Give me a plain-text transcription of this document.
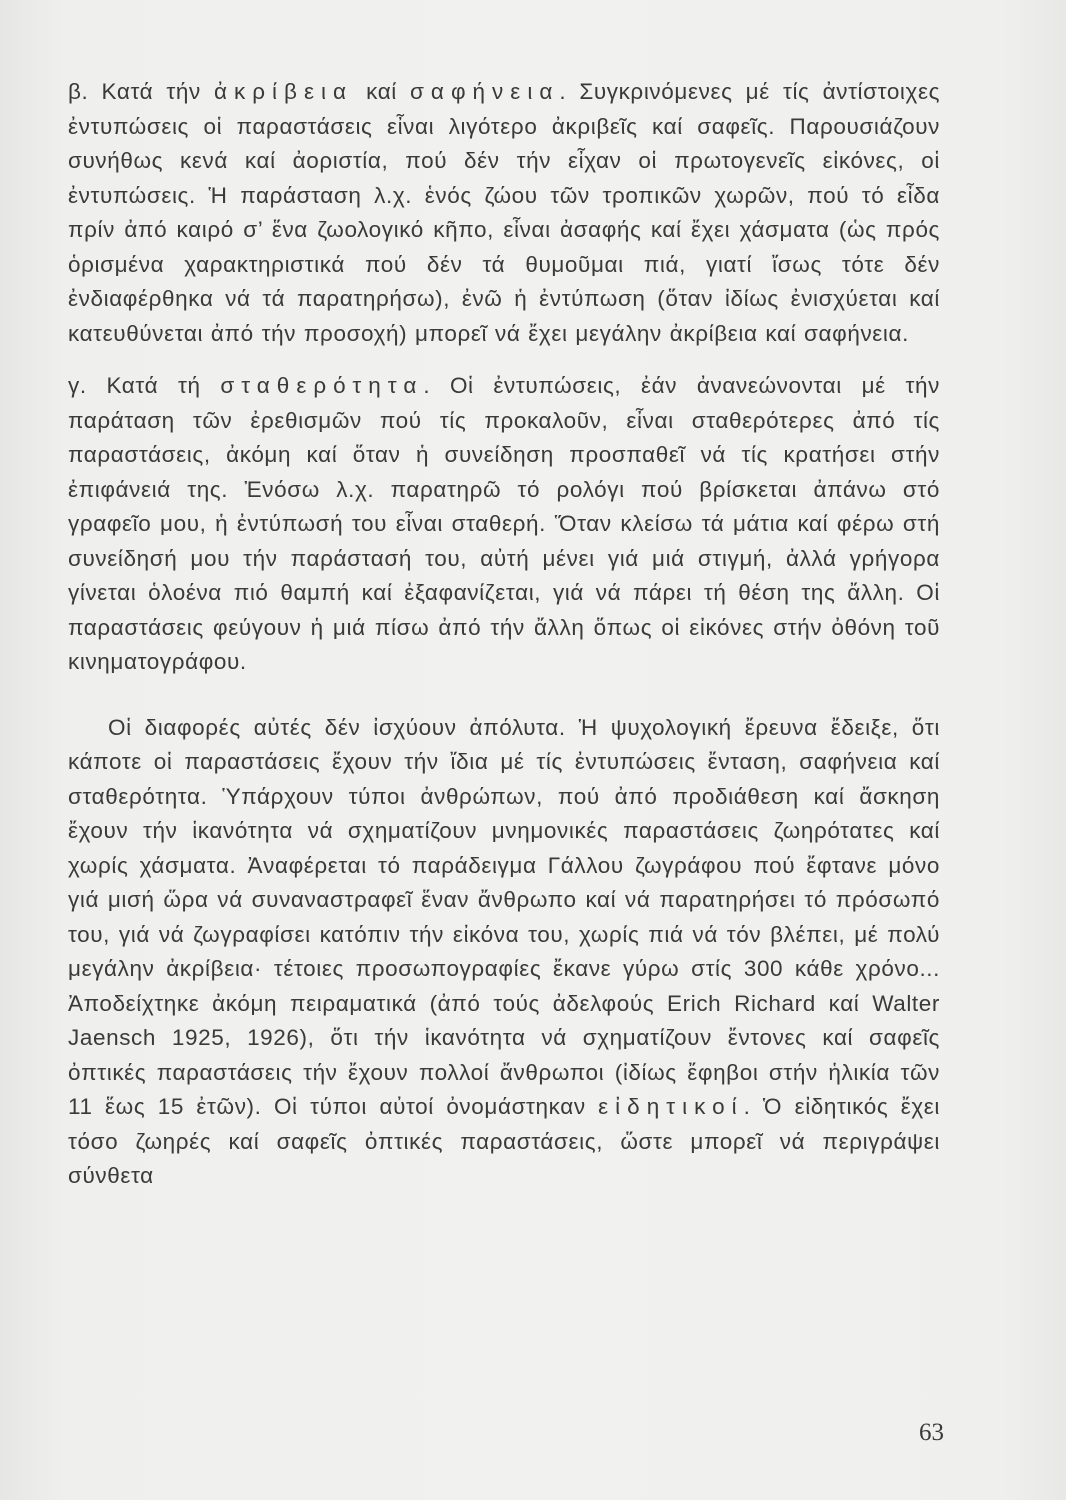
β. Κατά τήν ἀκρίβεια καί σαφήνεια. Συγκρινόμενες μέ τίς ἀντίστοιχες ἐντυπώσεις οἱ παραστάσεις εἶναι λιγότερο ἀκριβεῖς καί σαφεῖς. Παρουσιάζουν συνήθως κενά καί ἀοριστία, πού δέν τήν εἶχαν οἱ πρωτογενεῖς εἰκόνες, οἱ ἐντυπώσεις. Ἡ παράσταση λ.χ. ἑνός ζώου τῶν τροπικῶν χωρῶν, πού τό εἶδα πρίν ἀπό καιρό σ’ ἕνα ζωολογικό κῆπο, εἶναι ἀσαφής καί ἔχει χάσματα (ὡς πρός ὁρισμένα χαρακτηριστικά πού δέν τά θυμοῦμαι πιά, γιατί ἴσως τότε δέν ἐνδιαφέρθηκα νά τά παρατηρήσω), ἐνῶ ἡ ἐντύπωση (ὅταν ἰδίως ἐνισχύεται καί κατευθύνεται ἀπό τήν προσοχή) μπορεῖ νά ἔχει μεγάλην ἀκρίβεια καί σαφήνεια.

γ. Κατά τή σταθερότητα. Οἱ ἐντυπώσεις, ἐάν ἀνανεώνονται μέ τήν παράταση τῶν ἐρεθισμῶν πού τίς προκαλοῦν, εἶναι σταθερότερες ἀπό τίς παραστάσεις, ἀκόμη καί ὅταν ἡ συνείδηση προσπαθεῖ νά τίς κρατήσει στήν ἐπιφάνειά της. Ἐνόσω λ.χ. παρατηρῶ τό ρολόγι πού βρίσκεται ἀπάνω στό γραφεῖο μου, ἡ ἐντύπωσή του εἶναι σταθερή. Ὅταν κλείσω τά μάτια καί φέρω στή συνείδησή μου τήν παράστασή του, αὐτή μένει γιά μιά στιγμή, ἀλλά γρήγορα γίνεται ὁλοένα πιό θαμπή καί ἐξαφανίζεται, γιά νά πάρει τή θέση της ἄλλη. Οἱ παραστάσεις φεύγουν ἡ μιά πίσω ἀπό τήν ἄλλη ὅπως οἱ εἰκόνες στήν ὀθόνη τοῦ κινηματογράφου.

Οἱ διαφορές αὐτές δέν ἰσχύουν ἀπόλυτα. Ἡ ψυχολογική ἔρευνα ἔδειξε, ὅτι κάποτε οἱ παραστάσεις ἔχουν τήν ἴδια μέ τίς ἐντυπώσεις ἔνταση, σαφήνεια καί σταθερότητα. Ὑπάρχουν τύποι ἀνθρώπων, πού ἀπό προδιάθεση καί ἄσκηση ἔχουν τήν ἱκανότητα νά σχηματίζουν μνημονικές παραστάσεις ζωηρότατες καί χωρίς χάσματα. Ἀναφέρεται τό παράδειγμα Γάλλου ζωγράφου πού ἔφτανε μόνο γιά μισή ὥρα νά συναναστραφεῖ ἕναν ἄνθρωπο καί νά παρατηρήσει τό πρόσωπό του, γιά νά ζωγραφίσει κατόπιν τήν εἰκόνα του, χωρίς πιά νά τόν βλέπει, μέ πολύ μεγάλην ἀκρίβεια· τέτοιες προσωπογραφίες ἔκανε γύρω στίς 300 κάθε χρόνο... Ἀποδείχτηκε ἀκόμη πειραματικά (ἀπό τούς ἀδελφούς Erich Richard καί Walter Jaensch 1925, 1926), ὅτι τήν ἱκανότητα νά σχηματίζουν ἔντονες καί σαφεῖς ὀπτικές παραστάσεις τήν ἔχουν πολλοί ἄνθρωποι (ἰδίως ἔφηβοι στήν ἡλικία τῶν 11 ἕως 15 ἐτῶν). Οἱ τύποι αὐτοί ὀνομάστηκαν εἰδητικοί. Ὁ εἰδητικός ἔχει τόσο ζωηρές καί σαφεῖς ὀπτικές παραστάσεις, ὥστε μπορεῖ νά περιγράψει σύνθετα

63
